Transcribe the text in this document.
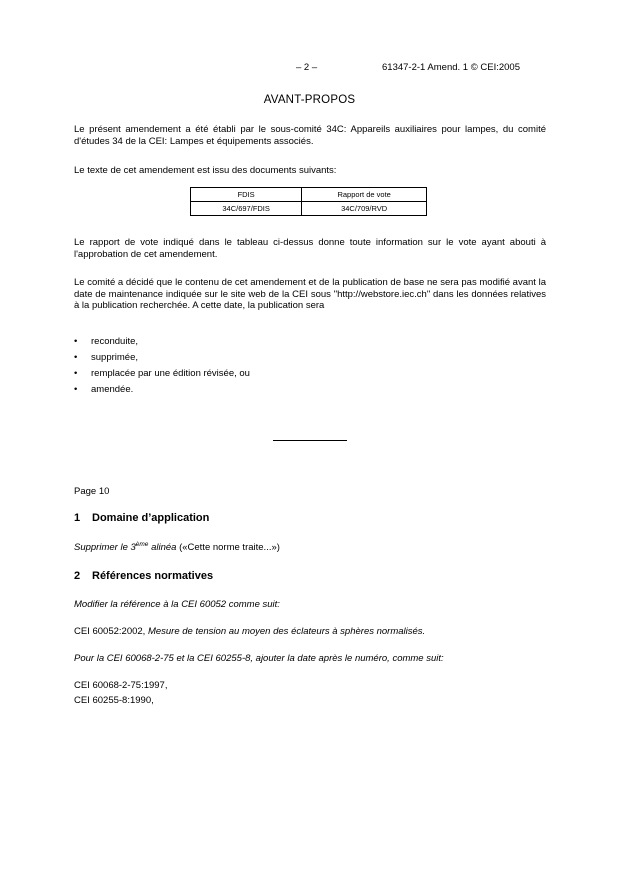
– 2 –	61347-2-1 Amend. 1 © CEI:2005
AVANT-PROPOS

Le présent amendement a été établi par le sous-comité 34C: Appareils auxiliaires pour lampes, du comité d'études 34 de la CEI: Lampes et équipements associés.

Le texte de cet amendement est issu des documents suivants:

FDIS	Rapport de vote
34C/697/FDIS	34C/709/RVD

Le rapport de vote indiqué dans le tableau ci-dessus donne toute information sur le vote ayant abouti à l'approbation de cet amendement.

Le comité a décidé que le contenu de cet amendement et de la publication de base ne sera pas modifié avant la date de maintenance indiquée sur le site web de la CEI sous "http://webstore.iec.ch" dans les données relatives à la publication recherchée. A cette date, la publication sera

• reconduite,
• supprimée,
• remplacée par une édition révisée, ou
• amendée.

Page 10

1 Domaine d’application

Supprimer le 3ème alinéa («Cette norme traite...»)

2 Références normatives

Modifier la référence à la CEI 60052 comme suit:

CEI 60052:2002, Mesure de tension au moyen des éclateurs à sphères normalisés.

Pour la CEI 60068-2-75 et la CEI 60255-8, ajouter la date après le numéro, comme suit:

CEI 60068-2-75:1997,

CEI 60255-8:1990,
